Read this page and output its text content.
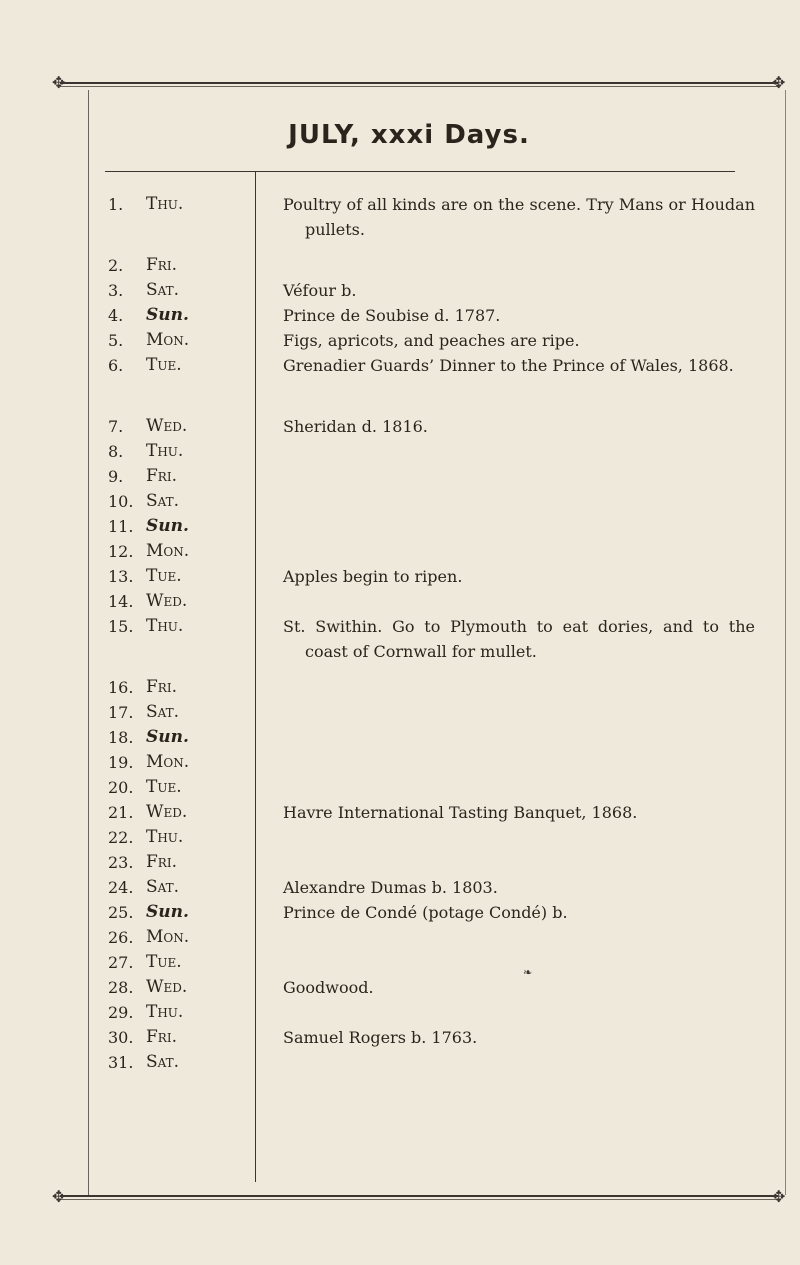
✥	✥
JULY, xxxi Days.
1.	Thu.	Poultry of all kinds are on the scene. Try Mans or Houdan pullets.
2.	Fri.
3.	Sat.	Véfour b.
4.	Sun.	Prince de Soubise d. 1787.
5.	Mon.	Figs, apricots, and peaches are ripe.
6.	Tue.	Grenadier Guards’ Dinner to the Prince of Wales, 1868.
7.	Wed.	Sheridan d. 1816.
8.	Thu.
9.	Fri.
10. Sat.
11. Sun.
12. Mon.
13. Tue.	Apples begin to ripen.
14. Wed.
15. Thu.	St. Swithin. Go to Plymouth to eat dories, and to the coast of Cornwall for mullet.
16. Fri.
17. Sat.
18. Sun.
19. Mon.
20. Tue.
21. Wed.	Havre International Tasting Banquet, 1868.
22. Thu.
23. Fri.
24. Sat.	Alexandre Dumas b. 1803.
25. Sun.	Prince de Condé (potage Condé) b.
26. Mon.
27. Tue.
28. Wed.	Goodwood.
29. Thu.
30. Fri.	Samuel Rogers b. 1763.
31. Sat.
❧
✥	✥
